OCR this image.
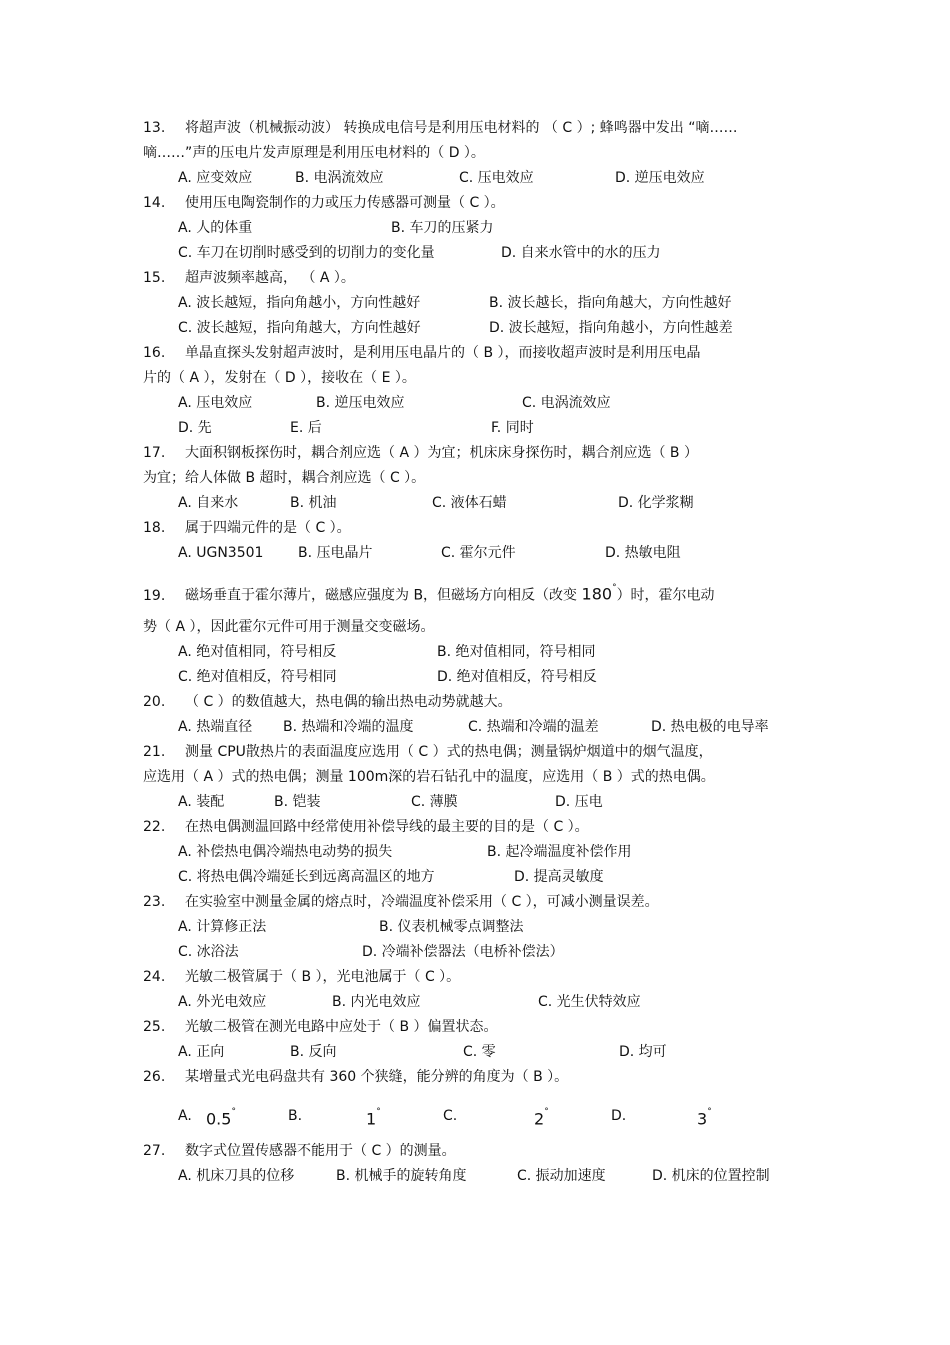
13. 将超声波（机械振动波） 转换成电信号是利用压电材料的 （ C ）; 蜂鸣器中发出 “嘀……
嘀……”声的压电片发声原理是利用压电材料的（ D ）。
A. 应变效应	B. 电涡流效应	C. 压电效应	D. 逆压电效应
14. 使用压电陶瓷制作的力或压力传感器可测量（ C ）。
A. 人的体重	B. 车刀的压紧力
C. 车刀在切削时感受到的切削力的变化量	D. 自来水管中的水的压力
15. 超声波频率越高， （ A ）。
A. 波长越短，指向角越小，方向性越好	B. 波长越长，指向角越大，方向性越好
C. 波长越短，指向角越大，方向性越好	D. 波长越短，指向角越小，方向性越差
16. 单晶直探头发射超声波时，是利用压电晶片的（ B ），而接收超声波时是利用压电晶
片的（ A ），发射在（ D ），接收在（ E ）。
A. 压电效应	B. 逆压电效应	C. 电涡流效应
D. 先	E. 后	F. 同时
17. 大面积钢板探伤时，耦合剂应选（ A ）为宜；机床床身探伤时，耦合剂应选（ B ）
为宜；给人体做 B 超时，耦合剂应选（ C ）。
A. 自来水	B. 机油	C. 液体石蜡	D. 化学浆糊
18. 属于四端元件的是（ C ）。
A. UGN3501 B. 压电晶片	C. 霍尔元件	D. 热敏电阻
19. 磁场垂直于霍尔薄片，磁感应强度为 B，但磁场方向相反（改变 180°）时，霍尔电动
势（ A ），因此霍尔元件可用于测量交变磁场。
A. 绝对值相同，符号相反	B. 绝对值相同，符号相同
C. 绝对值相反，符号相同	D. 绝对值相反，符号相反
20. （ C ）的数值越大，热电偶的输出热电动势就越大。
A. 热端直径 B. 热端和冷端的温度	C. 热端和冷端的温差	D. 热电极的电导率
21. 测量 CPU散热片的表面温度应选用（ C ）式的热电偶；测量锅炉烟道中的烟气温度，
应选用（ A ）式的热电偶；测量 100m深的岩石钻孔中的温度，应选用（ B ）式的热电偶。
A. 装配	B. 铠装	C. 薄膜	D. 压电
22. 在热电偶测温回路中经常使用补偿导线的最主要的目的是（ C ）。
A. 补偿热电偶冷端热电动势的损失	B. 起冷端温度补偿作用
C. 将热电偶冷端延长到远离高温区的地方	D. 提高灵敏度
23. 在实验室中测量金属的熔点时，冷端温度补偿采用（ C ），可减小测量误差。
A. 计算修正法	B. 仪表机械零点调整法
C. 冰浴法	D. 冷端补偿器法（电桥补偿法）
24. 光敏二极管属于（ B ），光电池属于（ C ）。
A. 外光电效应	B. 内光电效应	C. 光生伏特效应
25. 光敏二极管在测光电路中应处于（ B ）偏置状态。
A. 正向	B. 反向	C. 零	D. 均可
26. 某增量式光电码盘共有 360 个狭缝，能分辨的角度为（ B ）。
A. 0.5°	B.	1°	C.	2°	D.	3°
27. 数字式位置传感器不能用于（ C ）的测量。
A. 机床刀具的位移	B. 机械手的旋转角度	C. 振动加速度	D. 机床的位置控制
